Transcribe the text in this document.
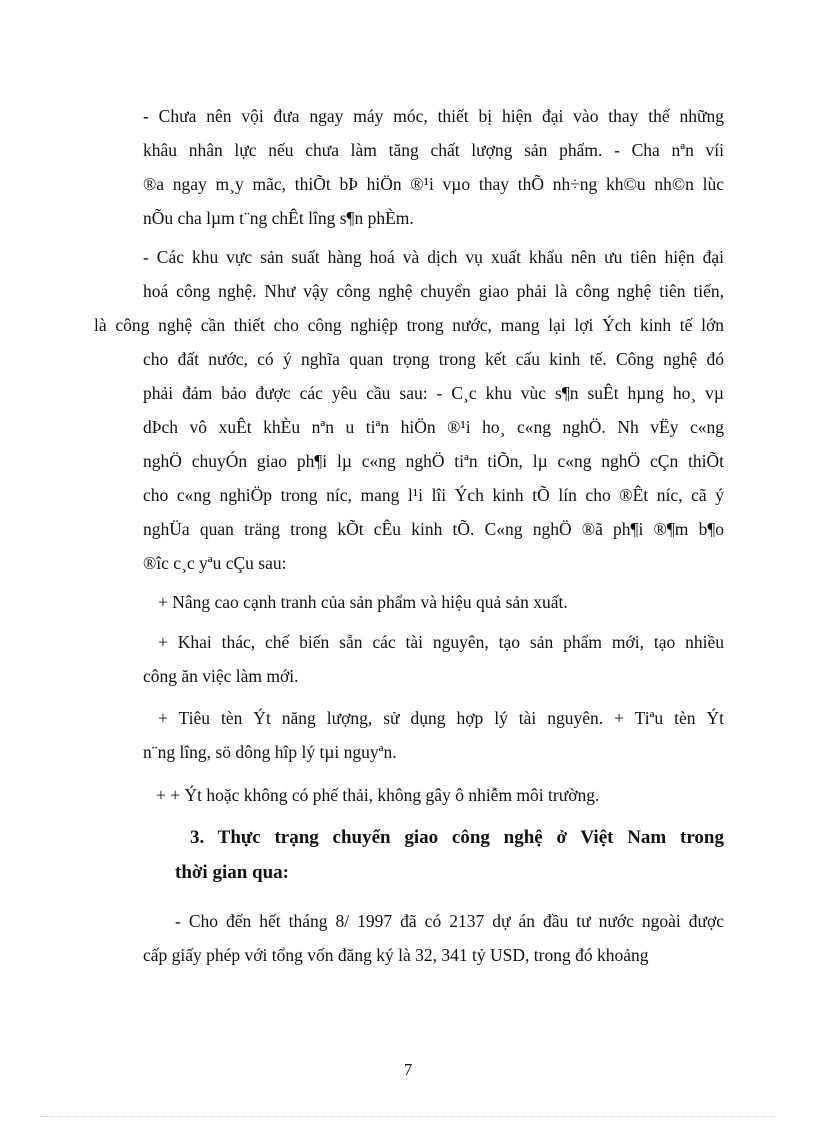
- Chưa nên vội đưa ngay máy móc, thiết bị hiện đại vào thay thế những
khâu nhân lực nếu chưa làm tăng chất lượng sản phẩm. - Cha nªn víi
®a ngay m¸y mãc, thiÕt bÞ hiÖn ®¹i vµo thay thÕ nh÷ng kh©u nh©n lùc
nÕu cha lµm t¨ng chÊt lîng s¶n phÈm.
- Các khu vực sản suất hàng hoá và dịch vụ xuất khẩu nên ưu tiên hiện đại
hoá công nghệ. Như vậy công nghệ chuyển giao phải là công nghệ tiên tiến,
là công nghệ cần thiết cho công nghiệp trong nước, mang lại lợi Ých kinh tế lớn
cho đất nước, có ý nghĩa quan trọng trong kết cấu kinh tế. Công nghệ đó
phải đảm bảo được các yêu cầu sau: - C¸c khu vùc s¶n suÊt hµng ho¸ vµ
dÞch vô xuÊt khÈu nªn u tiªn hiÖn ®¹i ho¸ c«ng nghÖ. Nh vËy c«ng
nghÖ chuyÓn giao ph¶i lµ c«ng nghÖ tiªn tiÕn, lµ c«ng nghÖ cÇn thiÕt
cho c«ng nghiÖp trong níc, mang l¹i lîi Ých kinh tÕ lín cho ®Êt níc, cã ý
nghÜa quan träng trong kÕt cÊu kinh tÕ. C«ng nghÖ ®ã ph¶i ®¶m b¶o
®îc c¸c yªu cÇu sau:
+ Nâng cao cạnh tranh của sản phẩm và hiệu quả sản xuất.
+ Khai thác, chế biến sẵn các tài nguyên, tạo sản phẩm mới, tạo nhiều
công ăn việc làm mới.
+ Tiêu tèn Ýt năng lượng, sử dụng hợp lý tài nguyên. + Tiªu tèn Ýt
n¨ng lîng, sö dông hîp lý tµi nguyªn.
+ + Ýt hoặc không có phế thải, không gây ô nhiễm môi trường.
3. Thực trạng chuyển giao công nghệ ở Việt Nam trong
thời gian qua:
- Cho đến hết tháng 8/ 1997 đã có 2137 dự án đầu tư nước ngoài được
cấp giấy phép với tổng vốn đăng ký là 32, 341 tỷ USD, trong đó khoảng
7
